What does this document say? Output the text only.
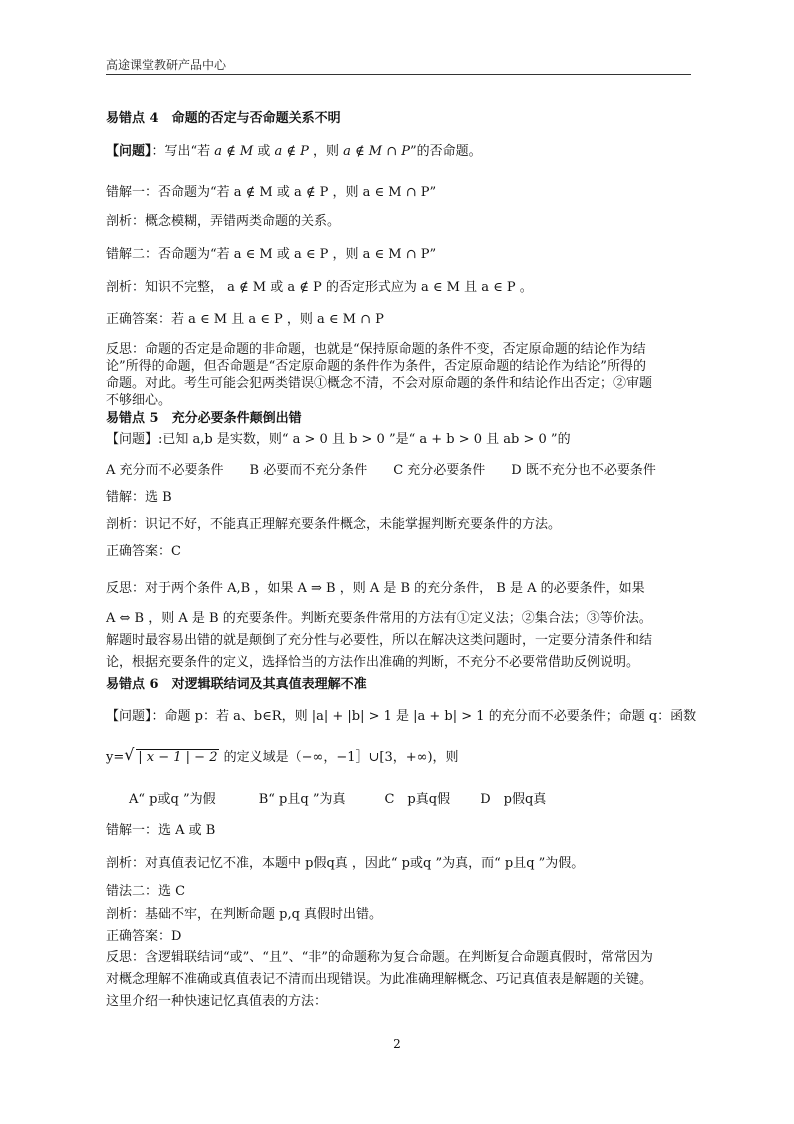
高途课堂教研产品中心
易错点 4　命题的否定与否命题关系不明
【问题】：写出“若 a ∉ M 或 a ∉ P ，则 a ∉ M ∩ P”的否命题。
错解一：否命题为“若 a ∉ M 或 a ∉ P ，则 a ∈ M ∩ P”
剖析：概念模糊，弄错两类命题的关系。
错解二：否命题为“若 a ∈ M 或 a ∈ P ，则 a ∈ M ∩ P”
剖析：知识不完整， a ∉ M 或 a ∉ P 的否定形式应为 a ∈ M 且 a ∈ P 。
正确答案：若 a ∈ M 且 a ∈ P ，则 a ∈ M ∩ P
反思：命题的否定是命题的非命题，也就是“保持原命题的条件不变，否定原命题的结论作为结
论”所得的命题，但否命题是“否定原命题的条件作为条件，否定原命题的结论作为结论”所得的
命题。对此。考生可能会犯两类错误①概念不清，不会对原命题的条件和结论作出否定；②审题
不够细心。
易错点 5　充分必要条件颠倒出错
【问题】:已知 a,b 是实数，则“ a > 0 且 b > 0 ”是“ a + b > 0 且 ab > 0 ”的
A 充分而不必要条件　　B 必要而不充分条件　　C 充分必要条件　　D 既不充分也不必要条件
错解：选 B
剖析：识记不好，不能真正理解充要条件概念，未能掌握判断充要条件的方法。
正确答案：C
反思：对于两个条件 A,B ，如果 A ⇒ B ，则 A 是 B 的充分条件， B 是 A 的必要条件，如果
A ⇔ B ，则 A 是 B 的充要条件。判断充要条件常用的方法有①定义法；②集合法；③等价法。
解题时最容易出错的就是颠倒了充分性与必要性，所以在解决这类问题时，一定要分清条件和结
论，根据充要条件的定义，选择恰当的方法作出准确的判断，不充分不必要常借助反例说明。
易错点 6　对逻辑联结词及其真值表理解不准
【问题】：命题 p：若 a、b∈R，则 |a| + |b| > 1 是 |a + b| > 1 的充分而不必要条件；命题 q：函数
y=√ | x − 1 | − 2 的定义域是（−∞，−1］∪[3，+∞)，则
A“ p或q ”为假　　　 B“ p且q ”为真　　　C　p真q假　　 D　p假q真
错解一：选 A 或 B
剖析：对真值表记忆不准，本题中 p假q真 ，因此“ p或q ”为真，而“ p且q ”为假。
错法二：选 C
剖析：基础不牢，在判断命题 p,q 真假时出错。
正确答案：D
反思：含逻辑联结词“或”、“且”、“非”的命题称为复合命题。在判断复合命题真假时，常常因为
对概念理解不准确或真值表记不清而出现错误。为此准确理解概念、巧记真值表是解题的关键。
这里介绍一种快速记忆真值表的方法：
2
